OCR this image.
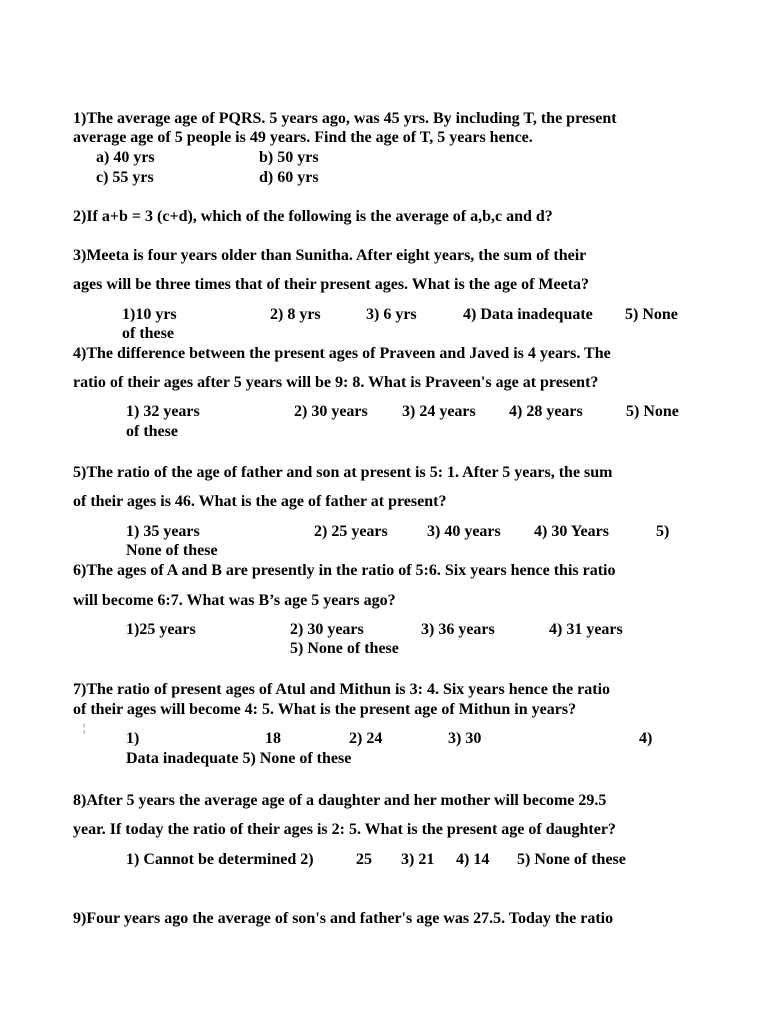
1)The average age of PQRS. 5 years ago, was 45 yrs. By including T, the present
average age of 5 people is 49 years. Find the age of T, 5 years hence.
a) 40 yrs	b) 50 yrs
c) 55 yrs	d) 60 yrs
2)If a+b = 3 (c+d), which of the following is the average of a,b,c and d?
3)Meeta is four years older than Sunitha. After eight years, the sum of their
ages will be three times that of their present ages. What is the age of Meeta?
1)10 yrs	2) 8 yrs	3) 6 yrs	4) Data inadequate 5) None
of these
4)The difference between the present ages of Praveen and Javed is 4 years. The
ratio of their ages after 5 years will be 9: 8. What is Praveen's age at present?
1) 32 years	2) 30 years 3) 24 years 4) 28 years	5) None
of these
5)The ratio of the age of father and son at present is 5: 1. After 5 years, the sum
of their ages is 46. What is the age of father at present?
1) 35 years	2) 25 years 3) 40 years 4) 30 Years	5)
None of these
6)The ages of A and B are presently in the ratio of 5:6. Six years hence this ratio
will become 6:7. What was B’s age 5 years ago?
1)25 years	2) 30 years	3) 36 years	4) 31 years
5) None of these
7)The ratio of present ages of Atul and Mithun is 3: 4. Six years hence the ratio
of their ages will become 4: 5. What is the present age of Mithun in years?
¦
1)	18	2) 24	3) 30	4)
Data inadequate 5) None of these
8)After 5 years the average age of a daughter and her mother will become 29.5
year. If today the ratio of their ages is 2: 5. What is the present age of daughter?
1) Cannot be determined 2)	25 3) 21 4) 14 5) None of these
9)Four years ago the average of son's and father's age was 27.5. Today the ratio
